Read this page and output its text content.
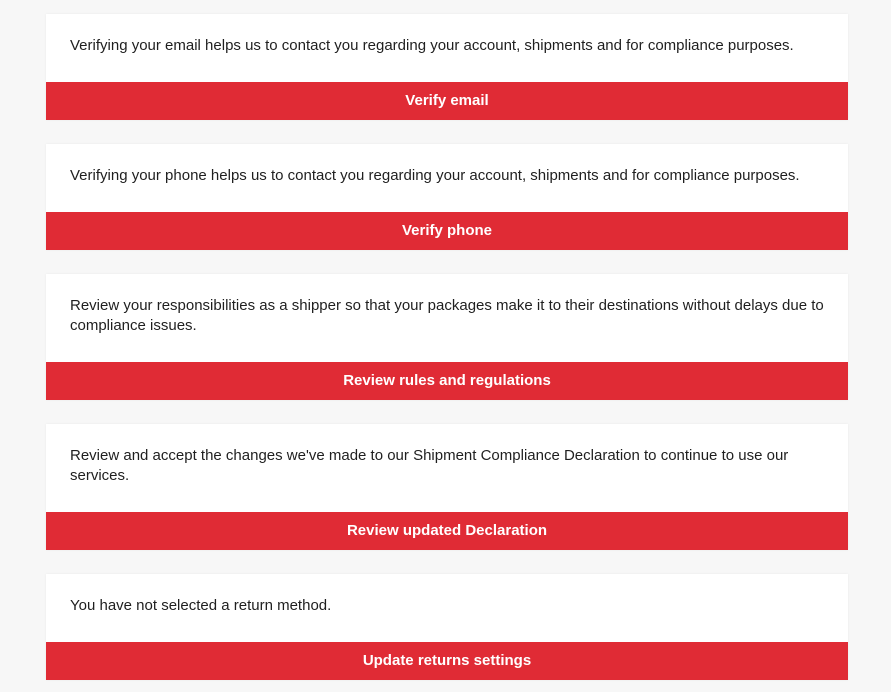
Verifying your email helps us to contact you regarding your account, shipments and for compliance purposes.
Verify email
Verifying your phone helps us to contact you regarding your account, shipments and for compliance purposes.
Verify phone
Review your responsibilities as a shipper so that your packages make it to their destinations without delays due to compliance issues.
Review rules and regulations
Review and accept the changes we've made to our Shipment Compliance Declaration to continue to use our services.
Review updated Declaration
You have not selected a return method.
Update returns settings
